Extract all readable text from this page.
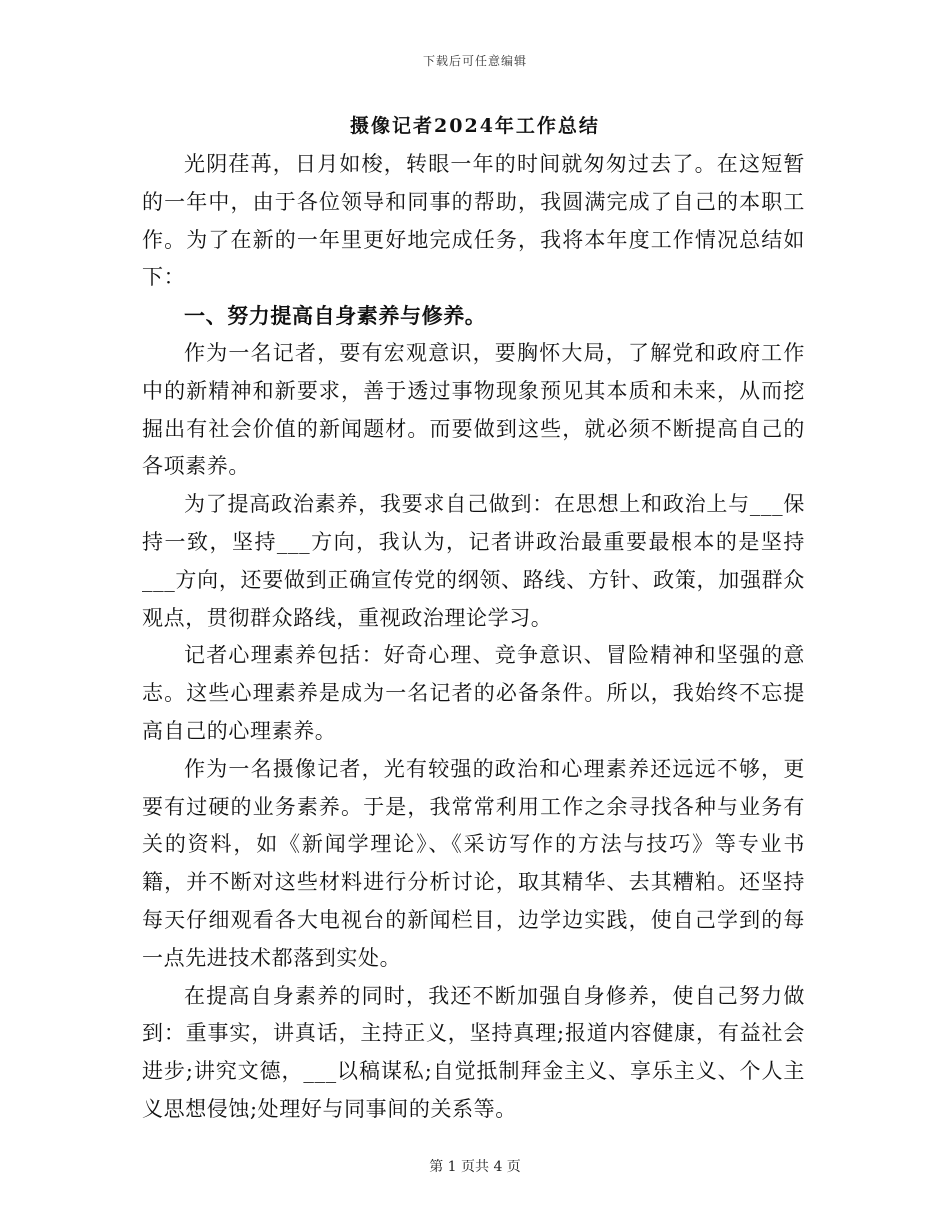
下载后可任意编辑
摄像记者2024年工作总结

光阴荏苒，日月如梭，转眼一年的时间就匆匆过去了。在这短暂的一年中，由于各位领导和同事的帮助，我圆满完成了自己的本职工作。为了在新的一年里更好地完成任务，我将本年度工作情况总结如下：

一、努力提高自身素养与修养。

作为一名记者，要有宏观意识，要胸怀大局，了解党和政府工作中的新精神和新要求，善于透过事物现象预见其本质和未来，从而挖掘出有社会价值的新闻题材。而要做到这些，就必须不断提高自己的各项素养。

为了提高政治素养，我要求自己做到：在思想上和政治上与___保持一致，坚持___方向，我认为，记者讲政治最重要最根本的是坚持___方向，还要做到正确宣传党的纲领、路线、方针、政策，加强群众观点，贯彻群众路线，重视政治理论学习。

记者心理素养包括：好奇心理、竞争意识、冒险精神和坚强的意志。这些心理素养是成为一名记者的必备条件。所以，我始终不忘提高自己的心理素养。

作为一名摄像记者，光有较强的政治和心理素养还远远不够，更要有过硬的业务素养。于是，我常常利用工作之余寻找各种与业务有关的资料，如《新闻学理论》、《采访写作的方法与技巧》等专业书籍，并不断对这些材料进行分析讨论，取其精华、去其糟粕。还坚持每天仔细观看各大电视台的新闻栏目，边学边实践，使自己学到的每一点先进技术都落到实处。

在提高自身素养的同时，我还不断加强自身修养，使自己努力做到：重事实，讲真话，主持正义，坚持真理;报道内容健康，有益社会进步;讲究文德，___以稿谋私;自觉抵制拜金主义、享乐主义、个人主义思想侵蚀;处理好与同事间的关系等。

第 1 页共 4 页
